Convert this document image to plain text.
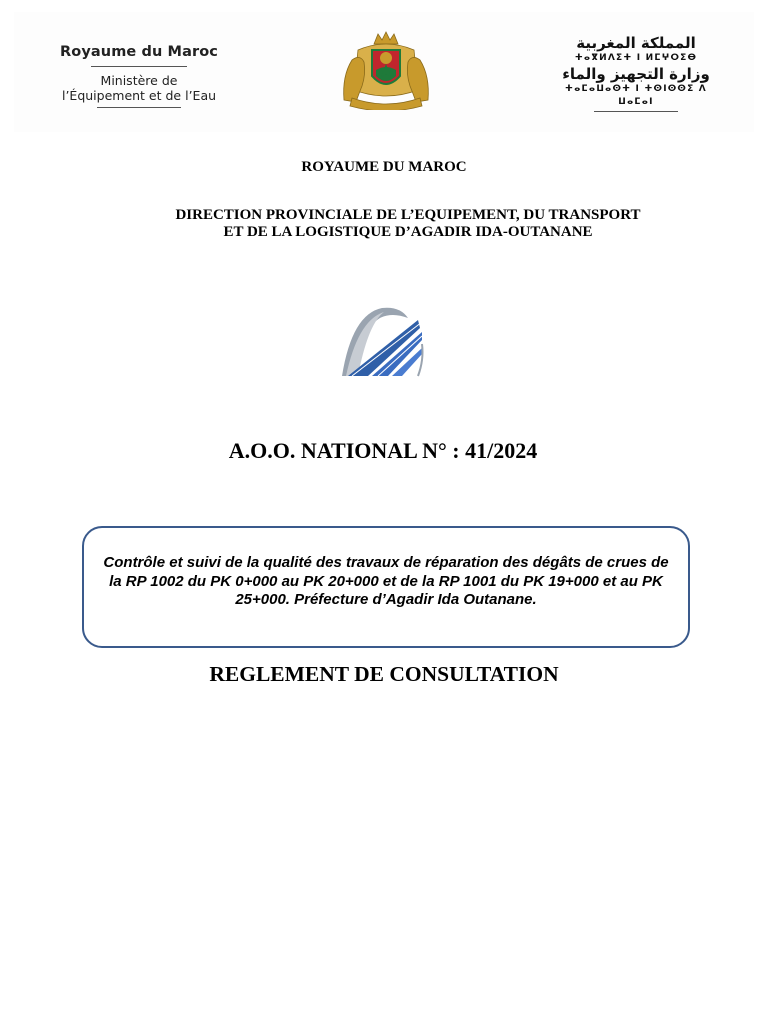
Royaume du Maroc
Ministère de
l’Équipement et de l’Eau
المملكة المغربية
ⵜⴰⴳⵍⴷⵉⵜ ⵏ ⵍⵎⵖⵔⵉⴱ
وزارة التجهيز والماء
ⵜⴰⵎⴰⵡⴰⵙⵜ ⵏ ⵜⵙⵏⵙⵙⵉ ⴷ ⵡⴰⵎⴰⵏ
ROYAUME DU MAROC
DIRECTION PROVINCIALE DE L’EQUIPEMENT, DU TRANSPORT
ET DE LA LOGISTIQUE D’AGADIR IDA-OUTANANE
A.O.O. NATIONAL N° : 41/2024
Contrôle et suivi de la qualité des travaux de réparation des dégâts de crues de la RP 1002 du PK 0+000 au PK 20+000 et de la RP 1001 du PK 19+000 et au PK 25+000. Préfecture d’Agadir Ida Outanane.
REGLEMENT DE CONSULTATION
